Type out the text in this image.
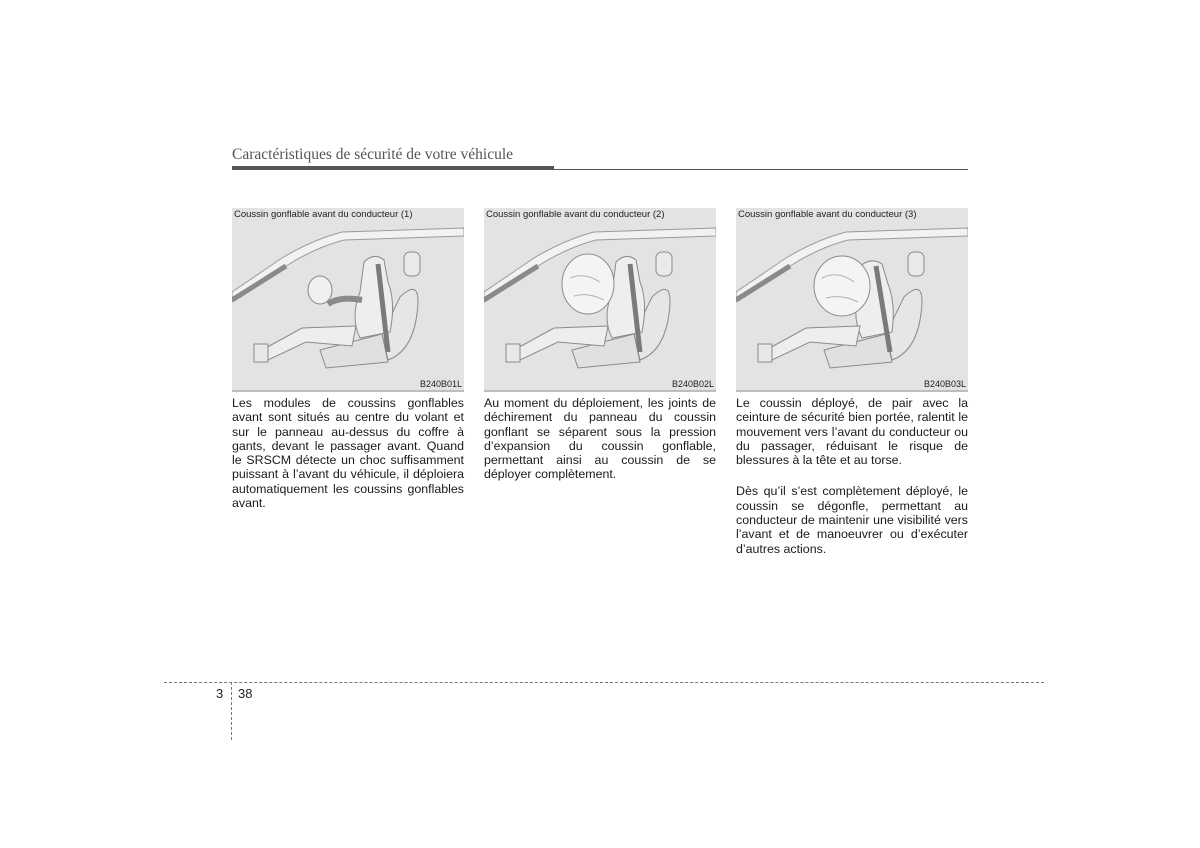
Caractéristiques de sécurité de votre véhicule
Coussin gonflable avant du conducteur (1)
B240B01L

Les modules de coussins gonflables avant sont situés au centre du volant et sur le panneau au-dessus du coffre à gants, devant le passager avant. Quand le SRSCM détecte un choc suffisamment puissant à l’avant du véhicule, il déploiera automatiquement les coussins gonflables avant.

Coussin gonflable avant du conducteur (2)
B240B02L

Au moment du déploiement, les joints de déchirement du panneau du coussin gonflant se séparent sous la pression d’expansion du coussin gonflable, permettant ainsi au coussin de se déployer complètement.

Coussin gonflable avant du conducteur (3)
B240B03L

Le coussin déployé, de pair avec la ceinture de sécurité bien portée, ralentit le mouvement vers l’avant du conducteur ou du passager, réduisant le risque de blessures à la tête et au torse.

Dès qu’il s’est complètement déployé, le coussin se dégonfle, permettant au conducteur de maintenir une visibilité vers l’avant et de manoeuvrer ou d’exécuter d’autres actions.

3 38
